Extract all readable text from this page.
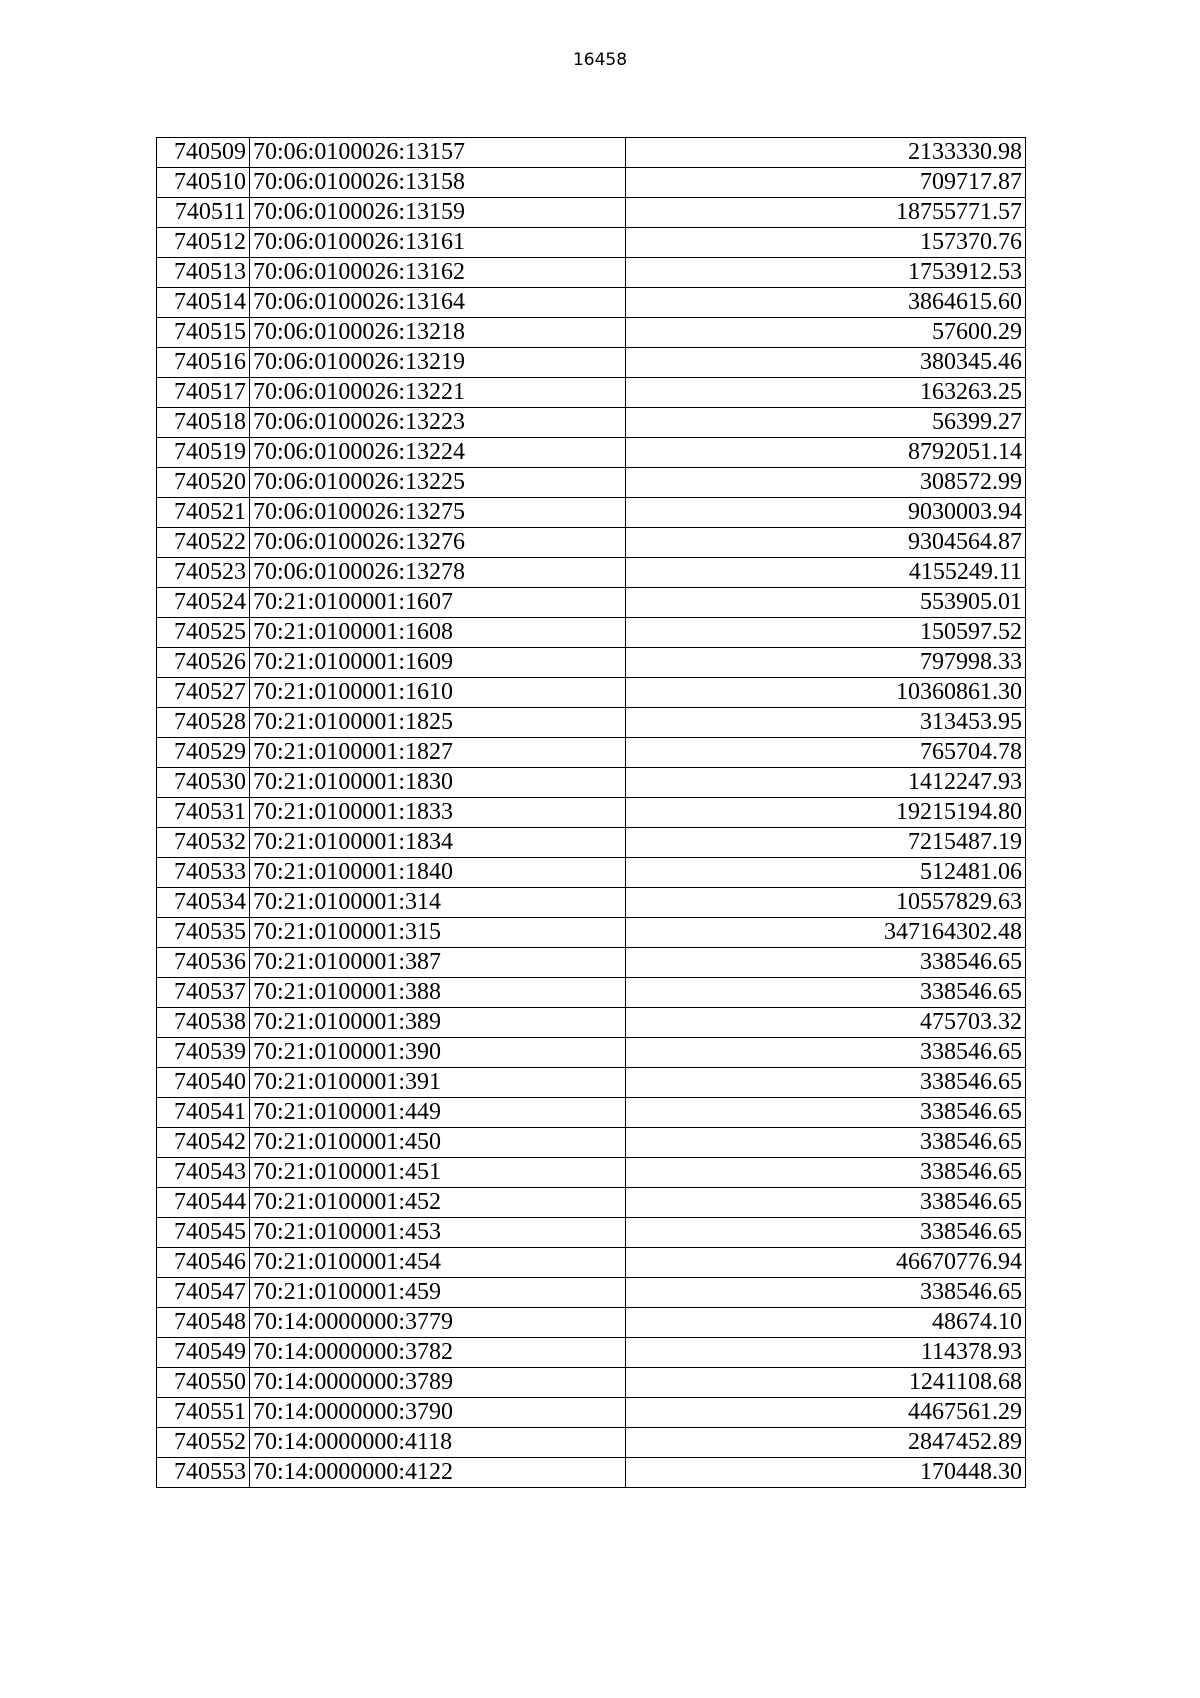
16458
740509	70:06:0100026:13157	2133330.98
740510	70:06:0100026:13158	709717.87
740511	70:06:0100026:13159	18755771.57
740512	70:06:0100026:13161	157370.76
740513	70:06:0100026:13162	1753912.53
740514	70:06:0100026:13164	3864615.60
740515	70:06:0100026:13218	57600.29
740516	70:06:0100026:13219	380345.46
740517	70:06:0100026:13221	163263.25
740518	70:06:0100026:13223	56399.27
740519	70:06:0100026:13224	8792051.14
740520	70:06:0100026:13225	308572.99
740521	70:06:0100026:13275	9030003.94
740522	70:06:0100026:13276	9304564.87
740523	70:06:0100026:13278	4155249.11
740524	70:21:0100001:1607	553905.01
740525	70:21:0100001:1608	150597.52
740526	70:21:0100001:1609	797998.33
740527	70:21:0100001:1610	10360861.30
740528	70:21:0100001:1825	313453.95
740529	70:21:0100001:1827	765704.78
740530	70:21:0100001:1830	1412247.93
740531	70:21:0100001:1833	19215194.80
740532	70:21:0100001:1834	7215487.19
740533	70:21:0100001:1840	512481.06
740534	70:21:0100001:314	10557829.63
740535	70:21:0100001:315	347164302.48
740536	70:21:0100001:387	338546.65
740537	70:21:0100001:388	338546.65
740538	70:21:0100001:389	475703.32
740539	70:21:0100001:390	338546.65
740540	70:21:0100001:391	338546.65
740541	70:21:0100001:449	338546.65
740542	70:21:0100001:450	338546.65
740543	70:21:0100001:451	338546.65
740544	70:21:0100001:452	338546.65
740545	70:21:0100001:453	338546.65
740546	70:21:0100001:454	46670776.94
740547	70:21:0100001:459	338546.65
740548	70:14:0000000:3779	48674.10
740549	70:14:0000000:3782	114378.93
740550	70:14:0000000:3789	1241108.68
740551	70:14:0000000:3790	4467561.29
740552	70:14:0000000:4118	2847452.89
740553	70:14:0000000:4122	170448.30
